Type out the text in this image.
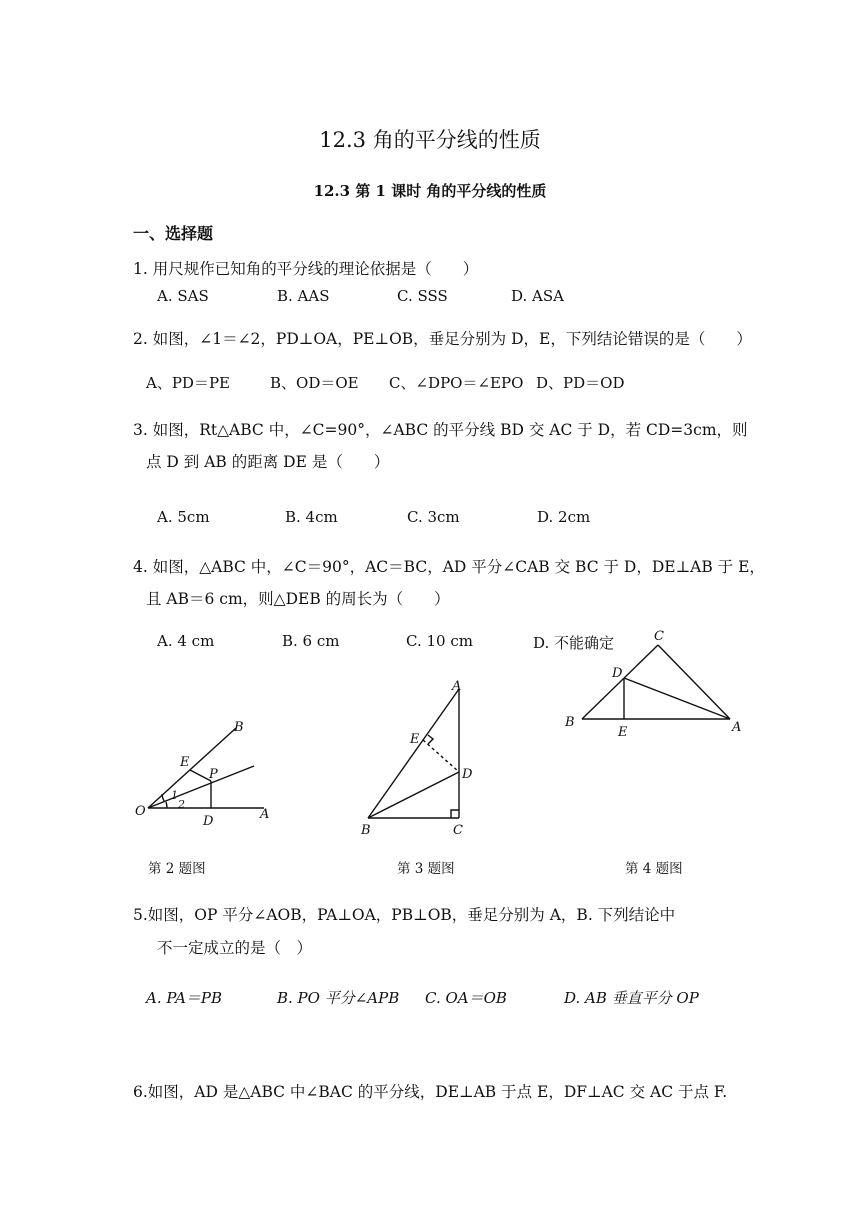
12.3 角的平分线的性质
12.3 第 1 课时 角的平分线的性质
一、选择题
1. 用尺规作已知角的平分线的理论依据是（　　）
A. SAS	B. AAS	C. SSS	D. ASA
2. 如图，∠1＝∠2，PD⊥OA，PE⊥OB，垂足分别为 D，E，下列结论错误的是（　　）
A、PD＝PE	B、OD＝OE C、∠DPO＝∠EPO D、PD＝OD
3. 如图，Rt△ABC 中，∠C=90°，∠ABC 的平分线 BD 交 AC 于 D，若 CD=3cm，则
点 D 到 AB 的距离 DE 是（　　）
A. 5cm	B. 4cm	C. 3cm	D. 2cm
4. 如图，△ABC 中，∠C＝90°，AC＝BC，AD 平分∠CAB 交 BC 于 D，DE⊥AB 于 E，
且 AB＝6 cm，则△DEB 的周长为（　　）
A. 4 cm	B. 6 cm	C. 10 cm	D. 不能确定
B
E
P
O
1
2
D	A
第 2 题图
A
E
D
B	C
第 3 题图
C
D
B
E	A
第 4 题图
5.如图，OP 平分∠AOB，PA⊥OA，PB⊥OB，垂足分别为 A，B. 下列结论中
不一定成立的是（　）
A. PA＝PB	B. PO 平分∠APB C. OA＝OB	D. AB 垂直平分 OP
6.如图，AD 是△ABC 中∠BAC 的平分线，DE⊥AB 于点 E，DF⊥AC 交 AC 于点 F.
